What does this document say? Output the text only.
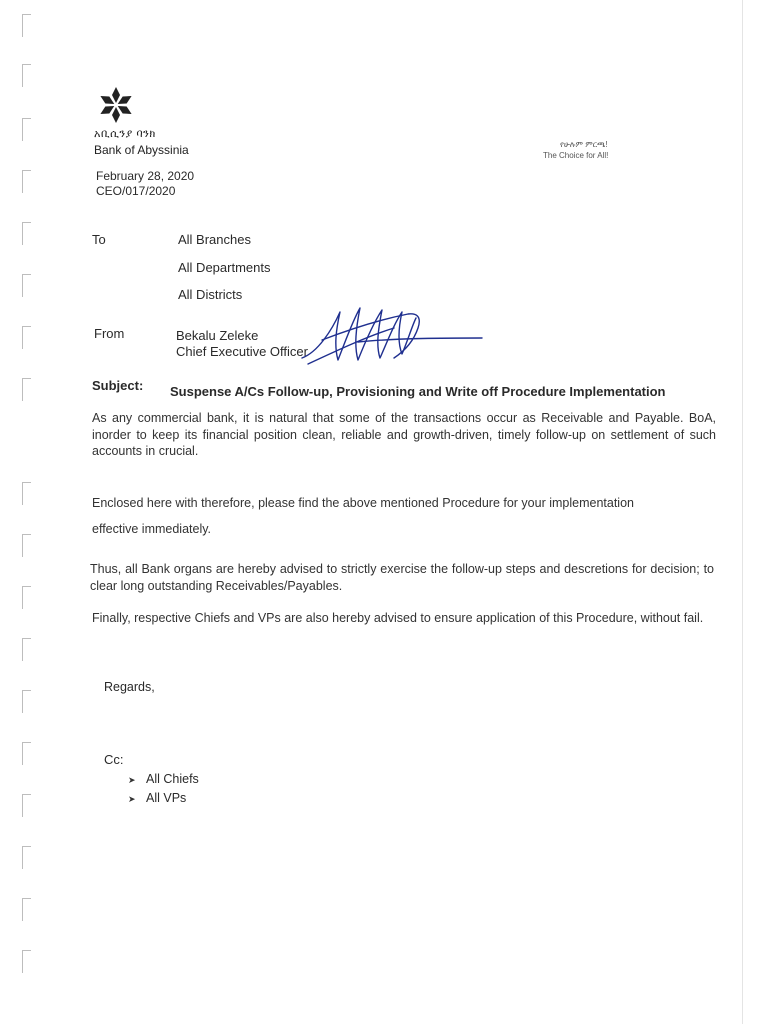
አቢሲንያ ባንክ
Bank of Abyssinia	የሁሉም ምርጫ!
The Choice for All!
February 28, 2020
CEO/017/2020
To	All Branches
All Departments
All Districts
From	Bekalu Zeleke
Chief Executive Officer
Subject: Suspense A/Cs Follow-up, Provisioning and Write off Procedure Implementation

As any commercial bank, it is natural that some of the transactions occur as Receivable and Payable. BoA, inorder to keep its financial position clean, reliable and growth-driven, timely follow-up on settlement of such accounts in crucial.

Enclosed here with therefore, please find the above mentioned Procedure for your implementation effective immediately.

Thus, all Bank organs are hereby advised to strictly exercise the follow-up steps and descretions for decision; to clear long outstanding Receivables/Payables.

Finally, respective Chiefs and VPs are also hereby advised to ensure application of this Procedure, without fail.

Regards,
Cc:
➤ All Chiefs
➤ All VPs
